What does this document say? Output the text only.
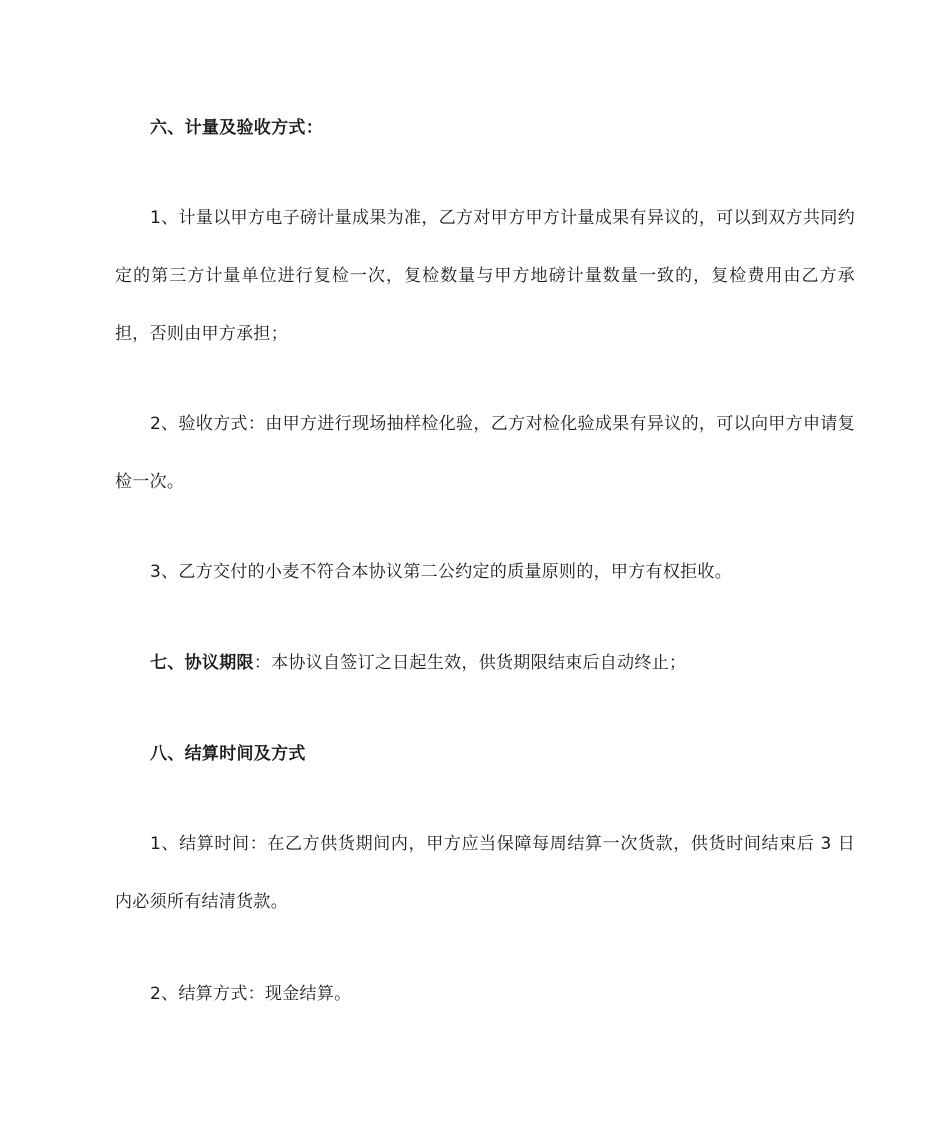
六、计量及验收方式：

1、计量以甲方电子磅计量成果为准，乙方对甲方甲方计量成果有异议的，可以到双方共同约定的第三方计量单位进行复检一次，复检数量与甲方地磅计量数量一致的，复检费用由乙方承担，否则由甲方承担；

2、验收方式：由甲方进行现场抽样检化验，乙方对检化验成果有异议的，可以向甲方申请复检一次。

3、乙方交付的小麦不符合本协议第二公约定的质量原则的，甲方有权拒收。

七、协议期限：本协议自签订之日起生效，供货期限结束后自动终止；

八、结算时间及方式

1、结算时间：在乙方供货期间内，甲方应当保障每周结算一次货款，供货时间结束后 3 日内必须所有结清货款。

2、结算方式：现金结算。
